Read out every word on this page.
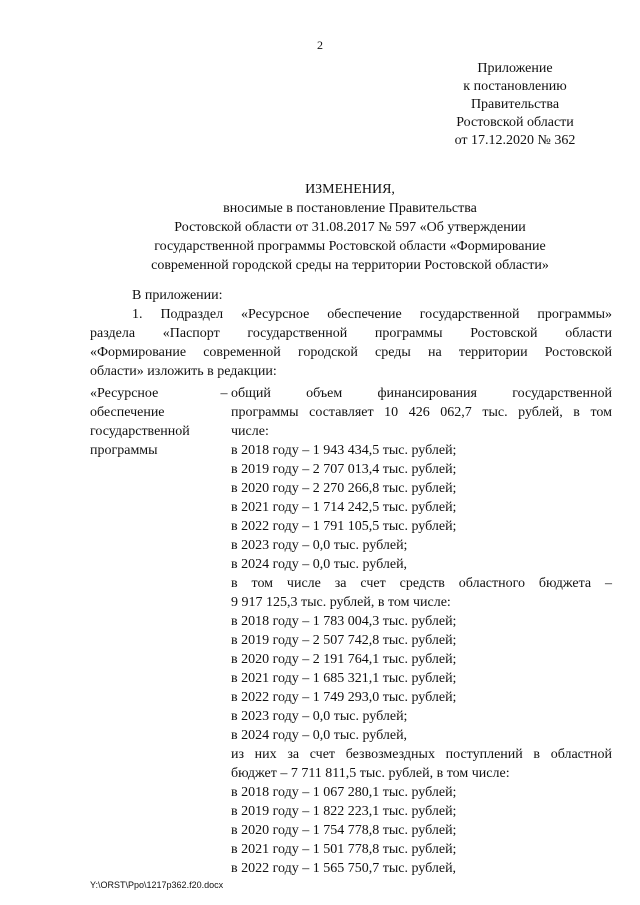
2
Приложение
к постановлению
Правительства
Ростовской области
от 17.12.2020 № 362
ИЗМЕНЕНИЯ,
вносимые в постановление Правительства
Ростовской области от 31.08.2017 № 597 «Об утверждении
государственной программы Ростовской области «Формирование
современной городской среды на территории Ростовской области»
В приложении:
1. Подраздел «Ресурсное обеспечение государственной программы»
раздела «Паспорт государственной программы Ростовской области
«Формирование современной городской среды на территории Ростовской
области» изложить в редакции:
«Ресурсное
обеспечение
государственной
программы
– общий объем финансирования государственной
программы составляет 10 426 062,7 тыс. рублей, в том
числе:
в 2018 году – 1 943 434,5 тыс. рублей;
в 2019 году – 2 707 013,4 тыс. рублей;
в 2020 году – 2 270 266,8 тыс. рублей;
в 2021 году – 1 714 242,5 тыс. рублей;
в 2022 году – 1 791 105,5 тыс. рублей;
в 2023 году – 0,0 тыс. рублей;
в 2024 году – 0,0 тыс. рублей,
в том числе за счет средств областного бюджета –
9 917 125,3 тыс. рублей, в том числе:
в 2018 году – 1 783 004,3 тыс. рублей;
в 2019 году – 2 507 742,8 тыс. рублей;
в 2020 году – 2 191 764,1 тыс. рублей;
в 2021 году – 1 685 321,1 тыс. рублей;
в 2022 году – 1 749 293,0 тыс. рублей;
в 2023 году – 0,0 тыс. рублей;
в 2024 году – 0,0 тыс. рублей,
из них за счет безвозмездных поступлений в областной
бюджет – 7 711 811,5 тыс. рублей, в том числе:
в 2018 году – 1 067 280,1 тыс. рублей;
в 2019 году – 1 822 223,1 тыс. рублей;
в 2020 году – 1 754 778,8 тыс. рублей;
в 2021 году – 1 501 778,8 тыс. рублей;
в 2022 году – 1 565 750,7 тыс. рублей,
Y:\ORST\Ppo\1217p362.f20.docx
